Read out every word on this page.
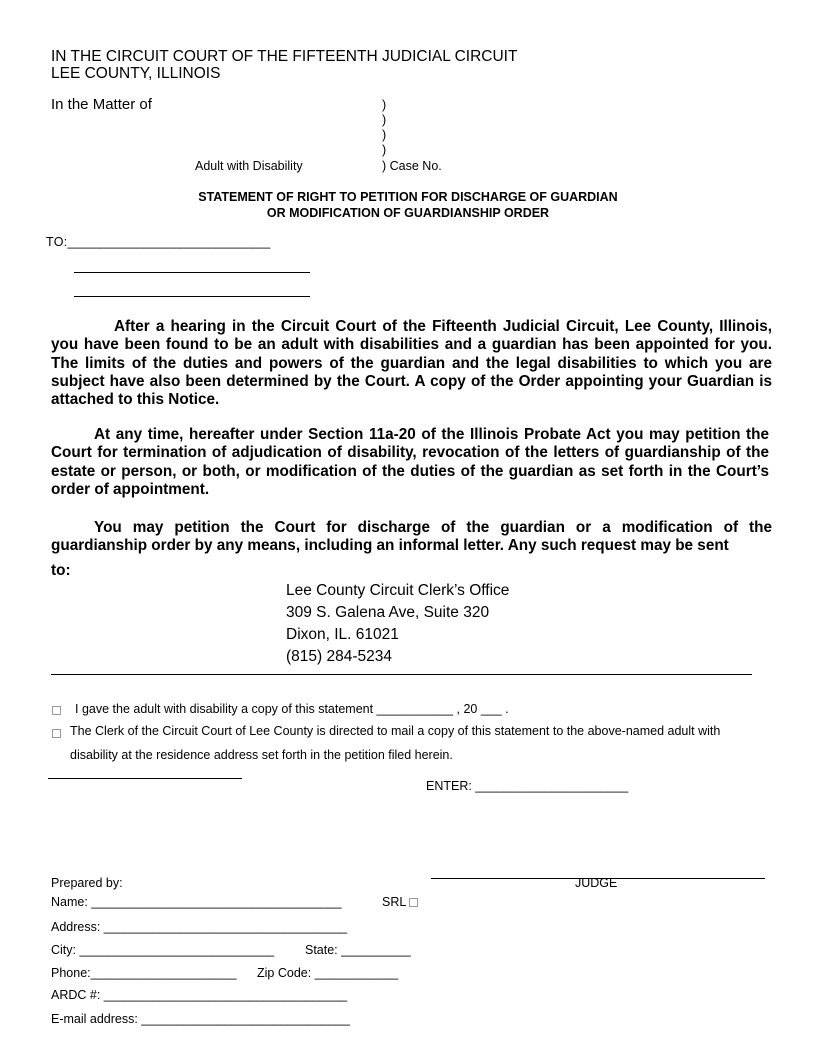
IN THE CIRCUIT COURT OF THE FIFTEENTH JUDICIAL CIRCUIT
LEE COUNTY, ILLINOIS
In the Matter of	)
)
)
)
Adult with Disability	) Case No.
STATEMENT OF RIGHT TO PETITION FOR DISCHARGE OF GUARDIAN
OR MODIFICATION OF GUARDIANSHIP ORDER
TO:____________________________
After a hearing in the Circuit Court of the Fifteenth Judicial Circuit, Lee County, Illinois, you have been found to be an adult with disabilities and a guardian has been appointed for you. The limits of the duties and powers of the guardian and the legal disabilities to which you are subject have also been determined by the Court. A copy of the Order appointing your Guardian is attached to this Notice.
At any time, hereafter under Section 11a-20 of the Illinois Probate Act you may petition the Court for termination of adjudication of disability, revocation of the letters of guardianship of the estate or person, or both, or modification of the duties of the guardian as set forth in the Court’s order of appointment.
You may petition the Court for discharge of the guardian or a modification of the guardianship order by any means, including an informal letter. Any such request may be sent
to:
Lee County Circuit Clerk’s Office
309 S. Galena Ave, Suite 320
Dixon, IL. 61021
(815) 284-5234
I gave the adult with disability a copy of this statement ___________ , 20 ___ .
The Clerk of the Circuit Court of Lee County is directed to mail a copy of this statement to the above-named adult with
disability at the residence address set forth in the petition filed herein.
ENTER: ______________________
JUDGE
Prepared by:
Name: ____________________________________	SRL
Address: ___________________________________
City: ____________________________ State: __________
Phone:_____________________ Zip Code: ____________
ARDC #: ___________________________________
E-mail address: ______________________________
